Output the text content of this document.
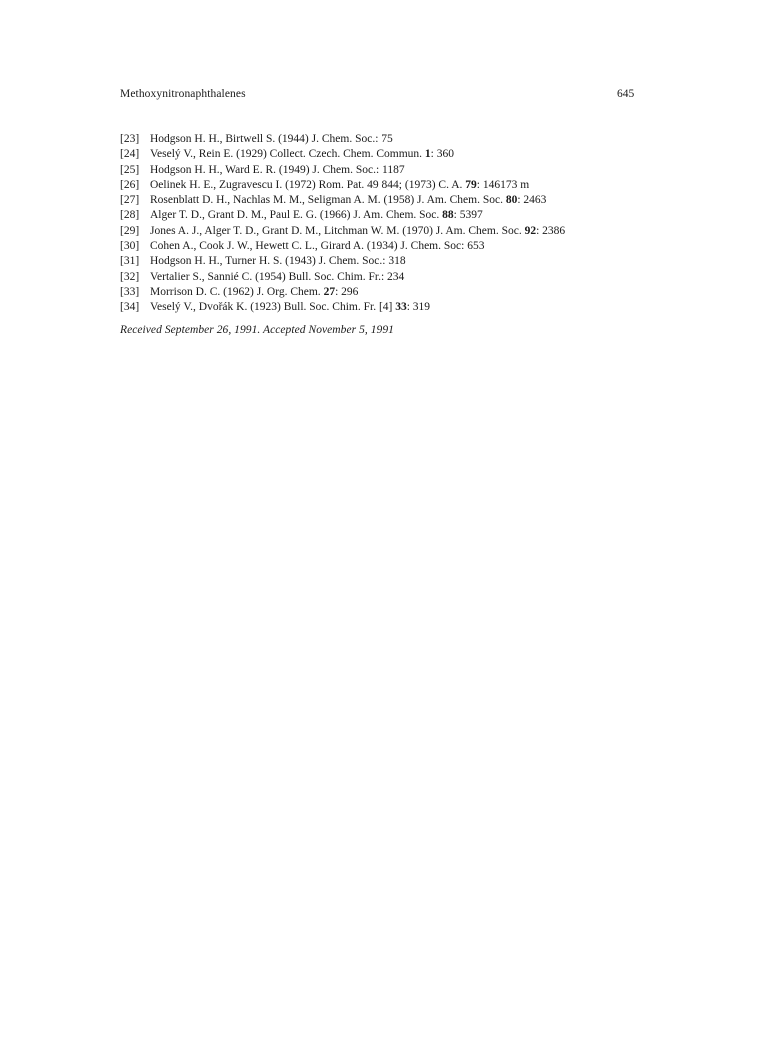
Methoxynitronaphthalenes	645
[23] Hodgson H. H., Birtwell S. (1944) J. Chem. Soc.: 75
[24] Veselý V., Rein E. (1929) Collect. Czech. Chem. Commun. 1: 360
[25] Hodgson H. H., Ward E. R. (1949) J. Chem. Soc.: 1187
[26] Oelinek H. E., Zugravescu I. (1972) Rom. Pat. 49 844; (1973) C. A. 79: 146173 m
[27] Rosenblatt D. H., Nachlas M. M., Seligman A. M. (1958) J. Am. Chem. Soc. 80: 2463
[28] Alger T. D., Grant D. M., Paul E. G. (1966) J. Am. Chem. Soc. 88: 5397
[29] Jones A. J., Alger T. D., Grant D. M., Litchman W. M. (1970) J. Am. Chem. Soc. 92: 2386
[30] Cohen A., Cook J. W., Hewett C. L., Girard A. (1934) J. Chem. Soc: 653
[31] Hodgson H. H., Turner H. S. (1943) J. Chem. Soc.: 318
[32] Vertalier S., Sannié C. (1954) Bull. Soc. Chim. Fr.: 234
[33] Morrison D. C. (1962) J. Org. Chem. 27: 296
[34] Veselý V., Dvořák K. (1923) Bull. Soc. Chim. Fr. [4] 33: 319
Received September 26, 1991. Accepted November 5, 1991
